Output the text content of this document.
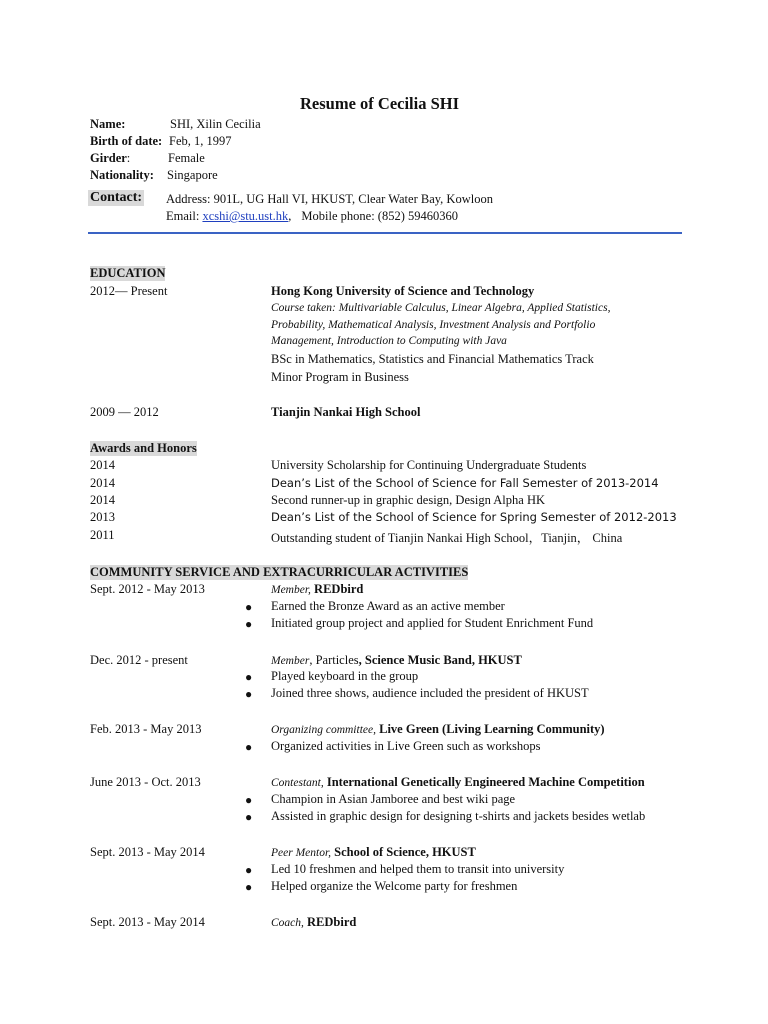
Resume of Cecilia SHI
Name:	SHI, Xilin Cecilia
Birth of date: Feb, 1, 1997
Girder:	Female
Nationality: Singapore
Contact: Address: 901L, UG Hall VI, HKUST, Clear Water Bay, Kowloon
Email: xcshi@stu.ust.hk, Mobile phone: (852) 59460360
EDUCATION
2012— Present	Hong Kong University of Science and Technology
Course taken: Multivariable Calculus, Linear Algebra, Applied Statistics,
Probability, Mathematical Analysis, Investment Analysis and Portfolio
Management, Introduction to Computing with Java
BSc in Mathematics, Statistics and Financial Mathematics Track
Minor Program in Business
2009 — 2012	Tianjin Nankai High School
Awards and Honors
2014	University Scholarship for Continuing Undergraduate Students
2014	Dean’s List of the School of Science for Fall Semester of 2013-2014
2014	Second runner-up in graphic design, Design Alpha HK
2013	Dean’s List of the School of Science for Spring Semester of 2012-2013
2011	Outstanding student of Tianjin Nankai High School，Tianjin， China
COMMUNITY SERVICE AND EXTRACURRICULAR ACTIVITIES
Sept. 2012 - May 2013	Member, REDbird
● Earned the Bronze Award as an active member
● Initiated group project and applied for Student Enrichment Fund
Dec. 2012 - present	Member, Particles, Science Music Band, HKUST
● Played keyboard in the group
● Joined three shows, audience included the president of HKUST
Feb. 2013 - May 2013	Organizing committee, Live Green (Living Learning Community)
● Organized activities in Live Green such as workshops
June 2013 - Oct. 2013	Contestant, International Genetically Engineered Machine Competition
● Champion in Asian Jamboree and best wiki page
● Assisted in graphic design for designing t-shirts and jackets besides wetlab
Sept. 2013 - May 2014	Peer Mentor, School of Science, HKUST
● Led 10 freshmen and helped them to transit into university
● Helped organize the Welcome party for freshmen
Sept. 2013 - May 2014	Coach, REDbird
